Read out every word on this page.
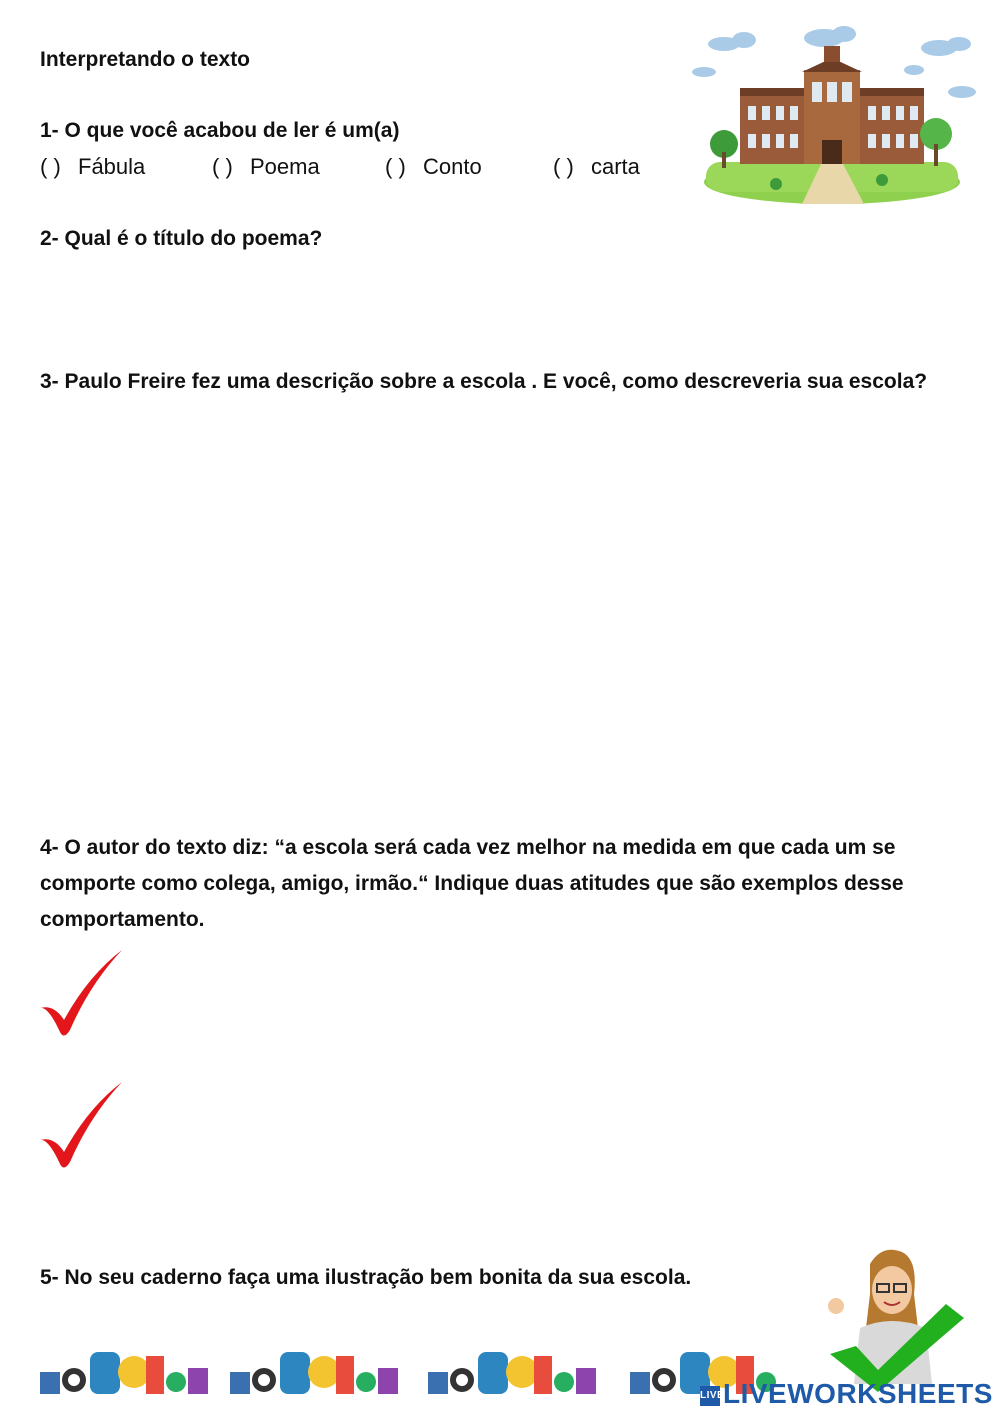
Interpretando o texto
1- O que você acabou de ler é um(a)
( ) Fábula	( ) Poema	( ) Conto	( ) carta
2- Qual é o título do poema?
3- Paulo Freire fez uma descrição sobre a escola . E você, como descreveria sua escola?
4- O autor do texto diz: “a escola será cada vez melhor na medida em que cada um se comporte como colega, amigo, irmão.“ Indique duas atitudes que são exemplos desse comportamento.
5- No seu caderno faça uma ilustração bem bonita da sua escola.
LIVELIVEWORKSHEETS
